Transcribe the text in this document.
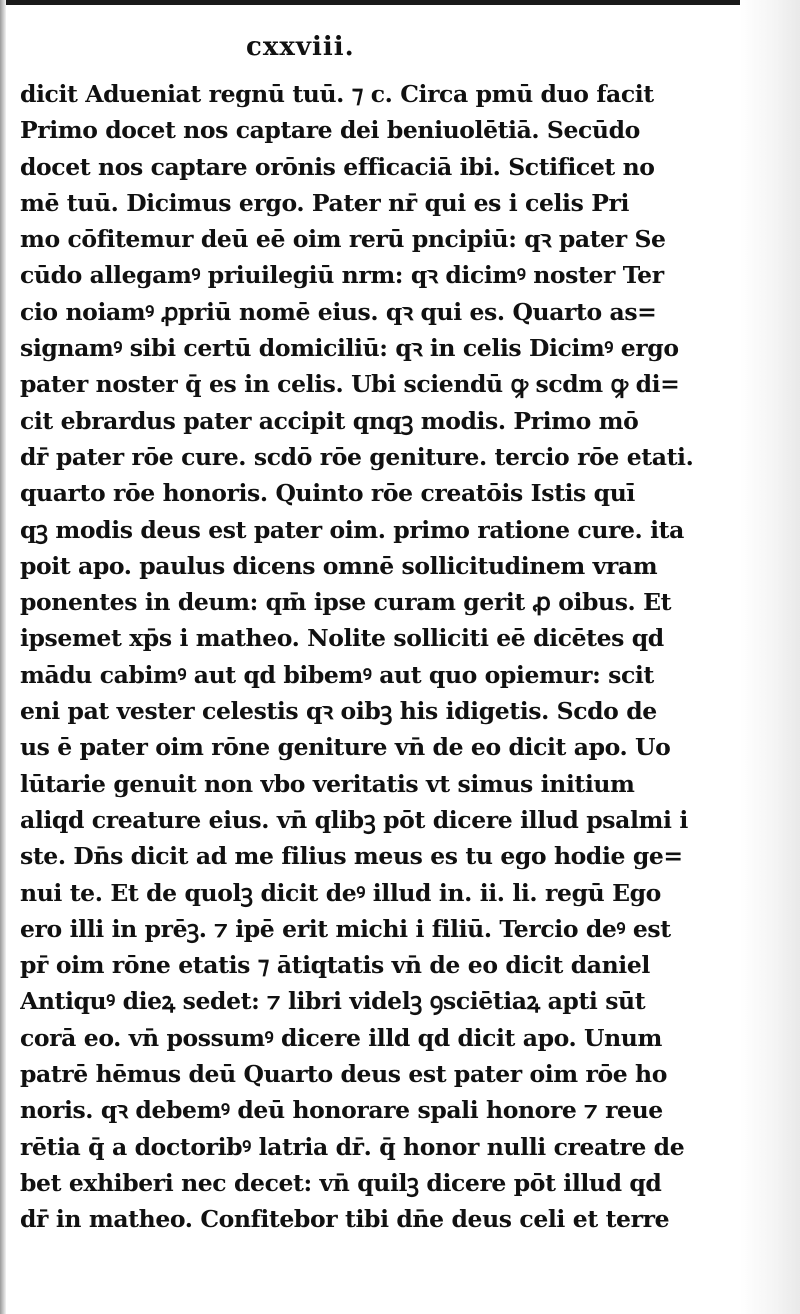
cxxviii.
dicit Adueniat regnū tuū. ⁊ c. Circa pmū duo facit
Primo docet nos captare dei beniuolētiā. Secūdo
docet nos captare orōnis efficaciā ibi. Sctificet no
mē tuū. Dicimus ergo. Pater nr̄ qui es i celis Pri
mo cōfitemur deū eē oim rerū pncipiū: qꝛ pater Se
cūdo allegamꝰ priuilegiū nrm: qꝛ dicimꝰ noster Ter
cio noiamꝰ ꝓpriū nomē eius. qꝛ qui es. Quarto as=
signamꝰ sibi certū domiciliū: qꝛ in celis Dicimꝰ ergo
pater noster q̄ es in celis. Ubi sciendū ꝙ scdm ꝙ di=
cit ebrardus pater accipit qnqꝫ modis. Primo mō
dr̄ pater rōe cure. scdō rōe geniture. tercio rōe etati.
quarto rōe honoris. Quinto rōe creatōis Istis quī
qꝫ modis deus est pater oim. primo ratione cure. ita
poit apo. paulus dicens omnē sollicitudinem vram
ponentes in deum: qm̄ ipse curam gerit ꝓ oibus. Et
ipsemet xp̄s i matheo. Nolite solliciti eē dicētes qd
mādu cabimꝰ aut qd bibemꝰ aut quo opiemur: scit
eni pat vester celestis qꝛ oibꝫ his idigetis. Scdo de
us ē pater oim rōne geniture vn̄ de eo dicit apo. Uo
lūtarie genuit non vbo veritatis vt simus initium
aliqd creature eius. vn̄ qlibꝫ pōt dicere illud psalmi i
ste. Dn̄s dicit ad me filius meus es tu ego hodie ge=
nui te. Et de quolꝫ dicit deꝰ illud in. ii. li. regū Ego
ero illi in prēꝫ. ⁊ ipē erit michi i filiū. Tercio deꝰ est
pr̄ oim rōne etatis ⁊ ātiqtatis vn̄ de eo dicit daniel
Antiquꝰ dieꝝ sedet: ⁊ libri videlꝫ ꝯsciētiaꝝ apti sūt
corā eo. vn̄ possumꝰ dicere illd qd dicit apo. Unum
patrē hēmus deū Quarto deus est pater oim rōe ho
noris. qꝛ debemꝰ deū honorare spali honore ⁊ reue
rētia q̄ a doctoribꝰ latria dr̄. q̄ honor nulli creatre de
bet exhiberi nec decet: vn̄ quilꝫ dicere pōt illud qd
dr̄ in matheo. Confitebor tibi dn̄e deus celi et terre
